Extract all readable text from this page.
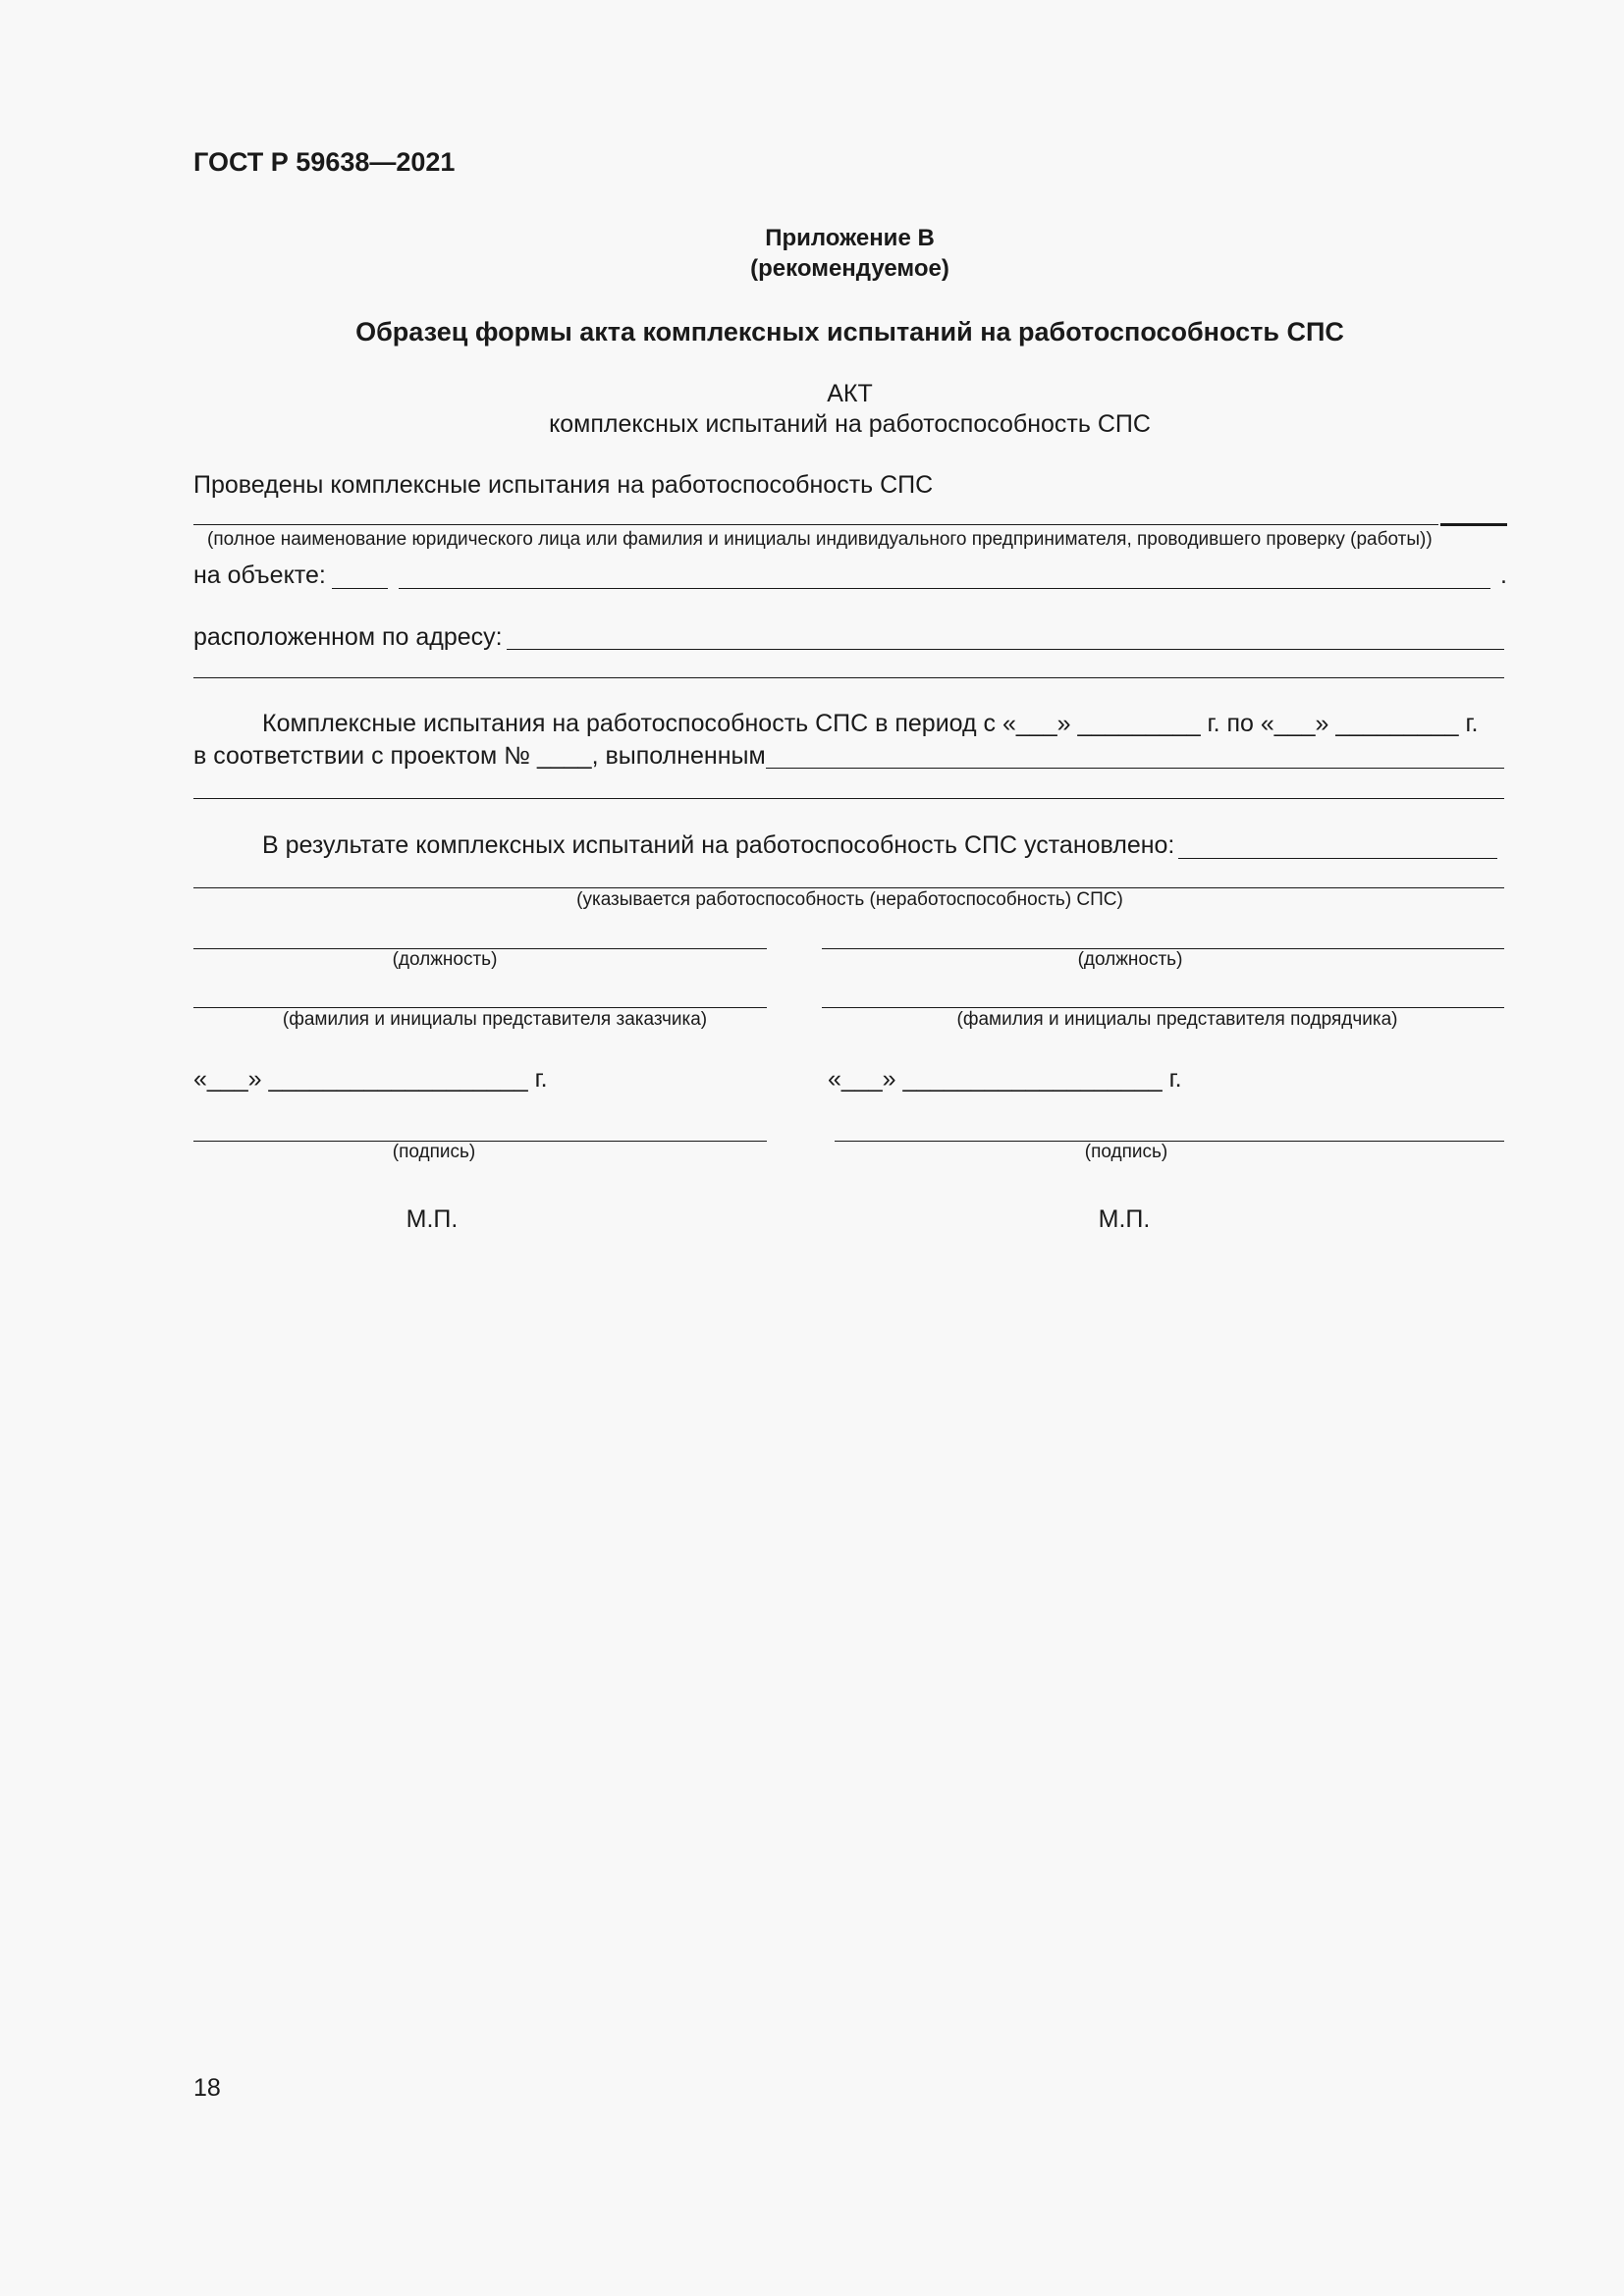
ГОСТ Р 59638—2021
Приложение В
(рекомендуемое)
Образец формы акта комплексных испытаний на работоспособность СПС
АКТ
комплексных испытаний на работоспособность СПС
Проведены комплексные испытания на работоспособность СПС
(полное наименование юридического лица или фамилия и инициалы индивидуального предпринимателя, проводившего проверку (работы))
на объекте:	.
расположенном по адресу:
Комплексные испытания на работоспособность СПС в период с «___» _________ г. по «___» _________ г.
в соответствии с проектом № ____, выполненным
В результате комплексных испытаний на работоспособность СПС установлено:
(указывается работоспособность (неработоспособность) СПС)
(должность)
(фамилия и инициалы представителя заказчика)
«___» ___________________ г.
(подпись)
М.П.
(должность)
(фамилия и инициалы представителя подрядчика)
«___» ___________________ г.
(подпись)
М.П.
18
